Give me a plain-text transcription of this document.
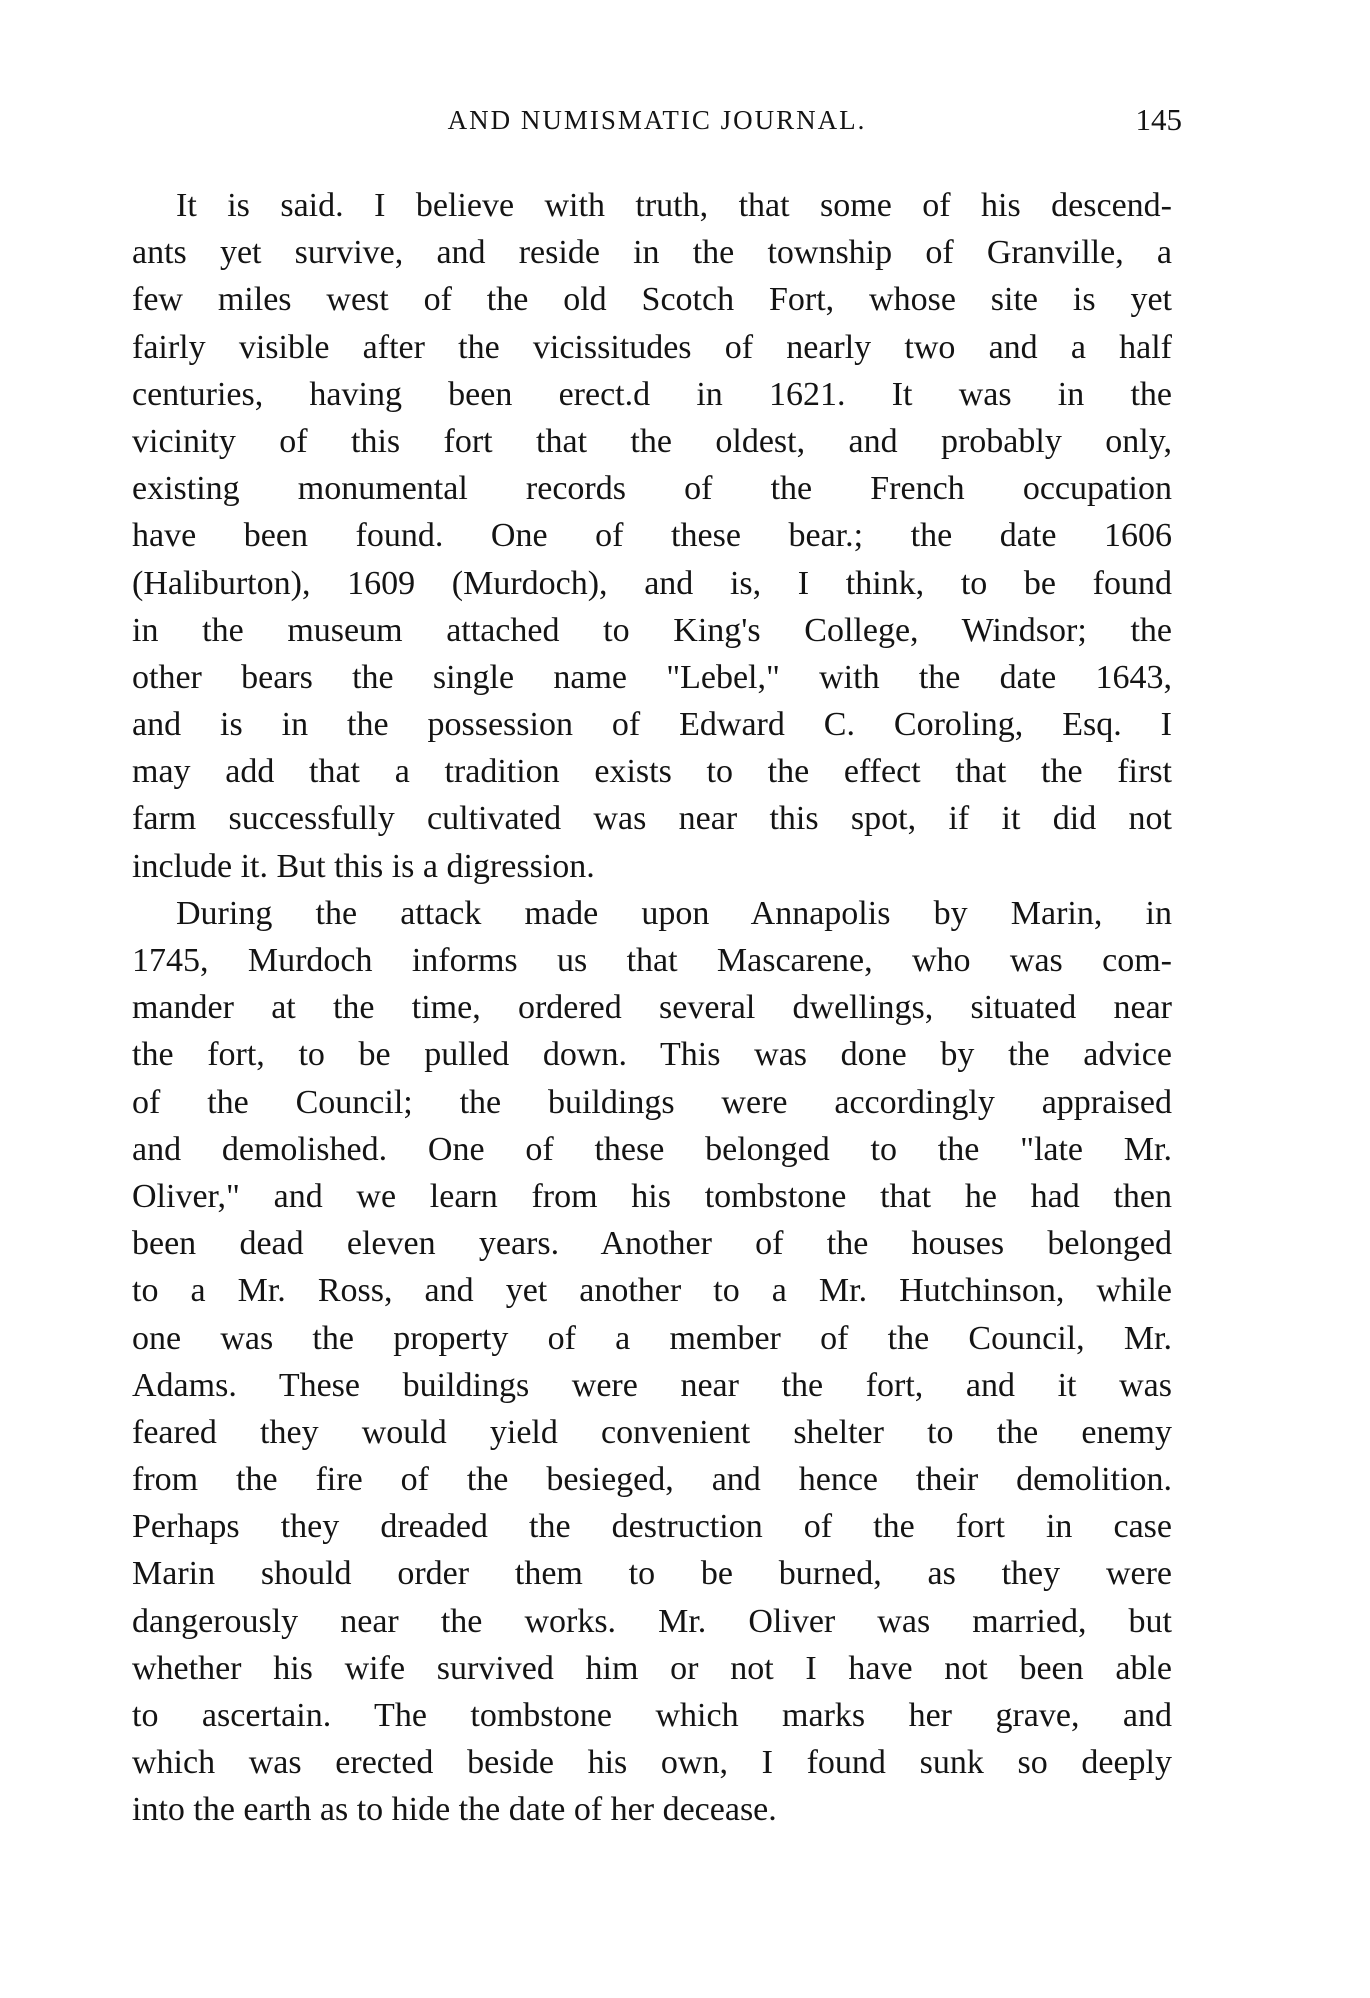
AND NUMISMATIC JOURNAL.	145
It is said. I believe with truth, that some of his descend-
ants yet survive, and reside in the township of Granville, a
few miles west of the old Scotch Fort, whose site is yet
fairly visible after the vicissitudes of nearly two and a half
centuries, having been erect.d in 1621. It was in the
vicinity of this fort that the oldest, and probably only,
existing monumental records of the French occupation
have been found. One of these bear.; the date 1606
(Haliburton), 1609 (Murdoch), and is, I think, to be found
in the museum attached to King's College, Windsor; the
other bears the single name "Lebel," with the date 1643,
and is in the possession of Edward C. Coroling, Esq. I
may add that a tradition exists to the effect that the first
farm successfully cultivated was near this spot, if it did not
include it. But this is a digression.
During the attack made upon Annapolis by Marin, in
1745, Murdoch informs us that Mascarene, who was com-
mander at the time, ordered several dwellings, situated near
the fort, to be pulled down. This was done by the advice
of the Council; the buildings were accordingly appraised
and demolished. One of these belonged to the "late Mr.
Oliver," and we learn from his tombstone that he had then
been dead eleven years. Another of the houses belonged
to a Mr. Ross, and yet another to a Mr. Hutchinson, while
one was the property of a member of the Council, Mr.
Adams. These buildings were near the fort, and it was
feared they would yield convenient shelter to the enemy
from the fire of the besieged, and hence their demolition.
Perhaps they dreaded the destruction of the fort in case
Marin should order them to be burned, as they were
dangerously near the works. Mr. Oliver was married, but
whether his wife survived him or not I have not been able
to ascertain. The tombstone which marks her grave, and
which was erected beside his own, I found sunk so deeply
into the earth as to hide the date of her decease.
